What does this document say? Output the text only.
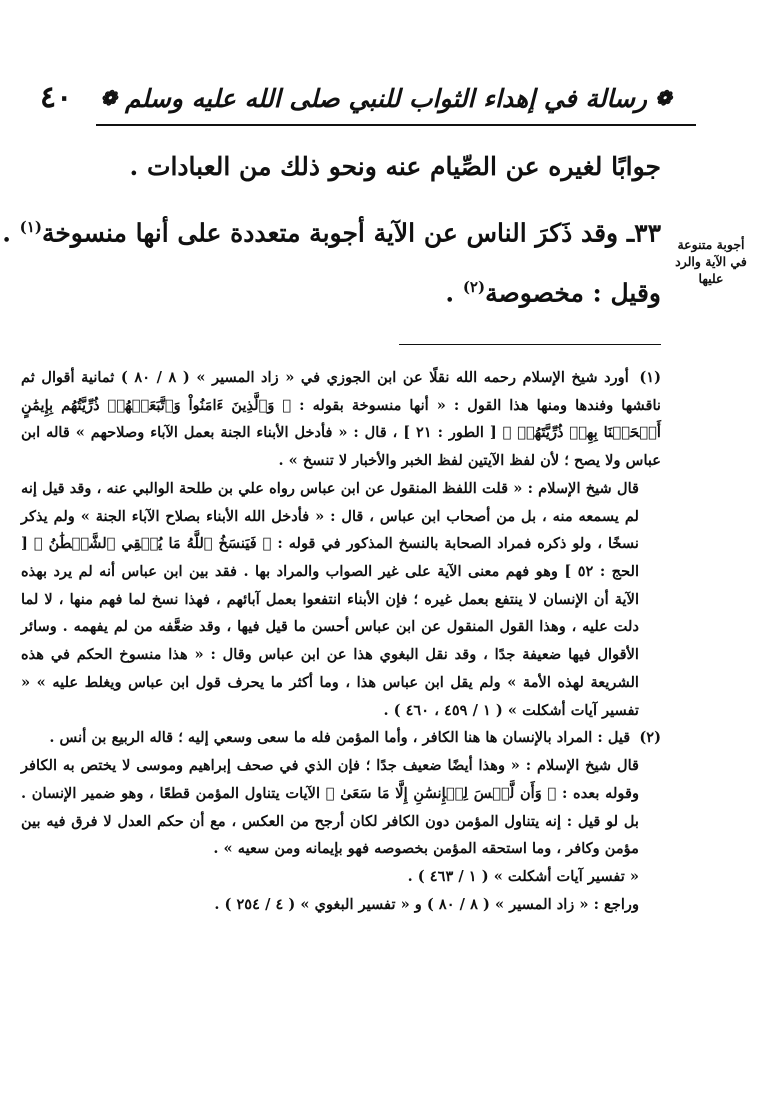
❁
رسالة في إهداء الثواب للنبي صلى الله عليه وسلم
❁
٤٠
أجوبة متنوعة في الآية والرد عليها
جوابًا لغيره عن الصِّيام عنه ونحو ذلك من العبادات .
٣٣ـ وقد ذَكرَ الناس عن الآية أجوبة متعددة على أنها منسوخة$^{(١)}$ .
وقيل : مخصوصة$^{(٢)}$ .

(١) أورد شيخ الإسلام رحمه الله نقلًا عن ابن الجوزي في « زاد المسير » ( ٨ / ٨٠ ) ثمانية أقوال ثم ناقشها وفندها ومنها هذا القول : « أنها منسوخة بقوله : ﴿ وَٱلَّذِينَ ءَامَنُواْ وَٱتَّبَعَتۡهُمۡ ذُرِّيَّتُهُم بِإِيمَٰنٍ أَلۡحَقۡنَا بِهِمۡ ذُرِّيَّتَهُمۡ ﴾ [ الطور : ٢١ ] ، قال : « فأدخل الأبناء الجنة بعمل الآباء وصلاحهم » قاله ابن عباس ولا يصح ؛ لأن لفظ الآيتين لفظ الخبر والأخبار لا تنسخ » .

قال شيخ الإسلام : « قلت اللفظ المنقول عن ابن عباس رواه علي بن طلحة الوالبي عنه ، وقد قيل إنه لم يسمعه منه ، بل من أصحاب ابن عباس ، قال : « فأدخل الله الأبناء بصلاح الآباء الجنة » ولم يذكر نسخًا ، ولو ذكره فمراد الصحابة بالنسخ المذكور في قوله : ﴿ فَيَنسَخُ ٱللَّهُ مَا يُلۡقِي ٱلشَّيۡطَٰنُ ﴾ [ الحج : ٥٢ ] وهو فهم معنى الآية على غير الصواب والمراد بها . فقد بين ابن عباس أنه لم يرد بهذه الآية أن الإنسان لا ينتفع بعمل غيره ؛ فإن الأبناء انتفعوا بعمل آبائهم ، فهذا نسخ لما فهم منها ، لا لما دلت عليه ، وهذا القول المنقول عن ابن عباس أحسن ما قيل فيها ، وقد ضعَّفه من لم يفهمه . وسائر الأقوال فيها ضعيفة جدًا ، وقد نقل البغوي هذا عن ابن عباس وقال : « هذا منسوخ الحكم في هذه الشريعة لهذه الأمة » ولم يقل ابن عباس هذا ، وما أكثر ما يحرف قول ابن عباس ويغلط عليه » « تفسير آيات أشكلت » ( ١ / ٤٥٩ ، ٤٦٠ ) .

(٢) قيل : المراد بالإنسان ها هنا الكافر ، وأما المؤمن فله ما سعى وسعي إليه ؛ قاله الربيع بن أنس .

قال شيخ الإسلام : « وهذا أيضًا ضعيف جدًا ؛ فإن الذي في صحف إبراهيم وموسى لا يختص به الكافر وقوله بعده : ﴿ وَأَن لَّيۡسَ لِلۡإِنسَٰنِ إِلَّا مَا سَعَىٰ ﴾ الآيات يتناول المؤمن قطعًا ، وهو ضمير الإنسان . بل لو قيل : إنه يتناول المؤمن دون الكافر لكان أرجح من العكس ، مع أن حكم العدل لا فرق فيه بين مؤمن وكافر ، وما استحقه المؤمن بخصوصه فهو بإيمانه ومن سعيه » .

« تفسير آيات أشكلت » ( ١ / ٤٦٣ ) .

وراجع : « زاد المسير » ( ٨ / ٨٠ ) و « تفسير البغوي » ( ٤ / ٢٥٤ ) .
